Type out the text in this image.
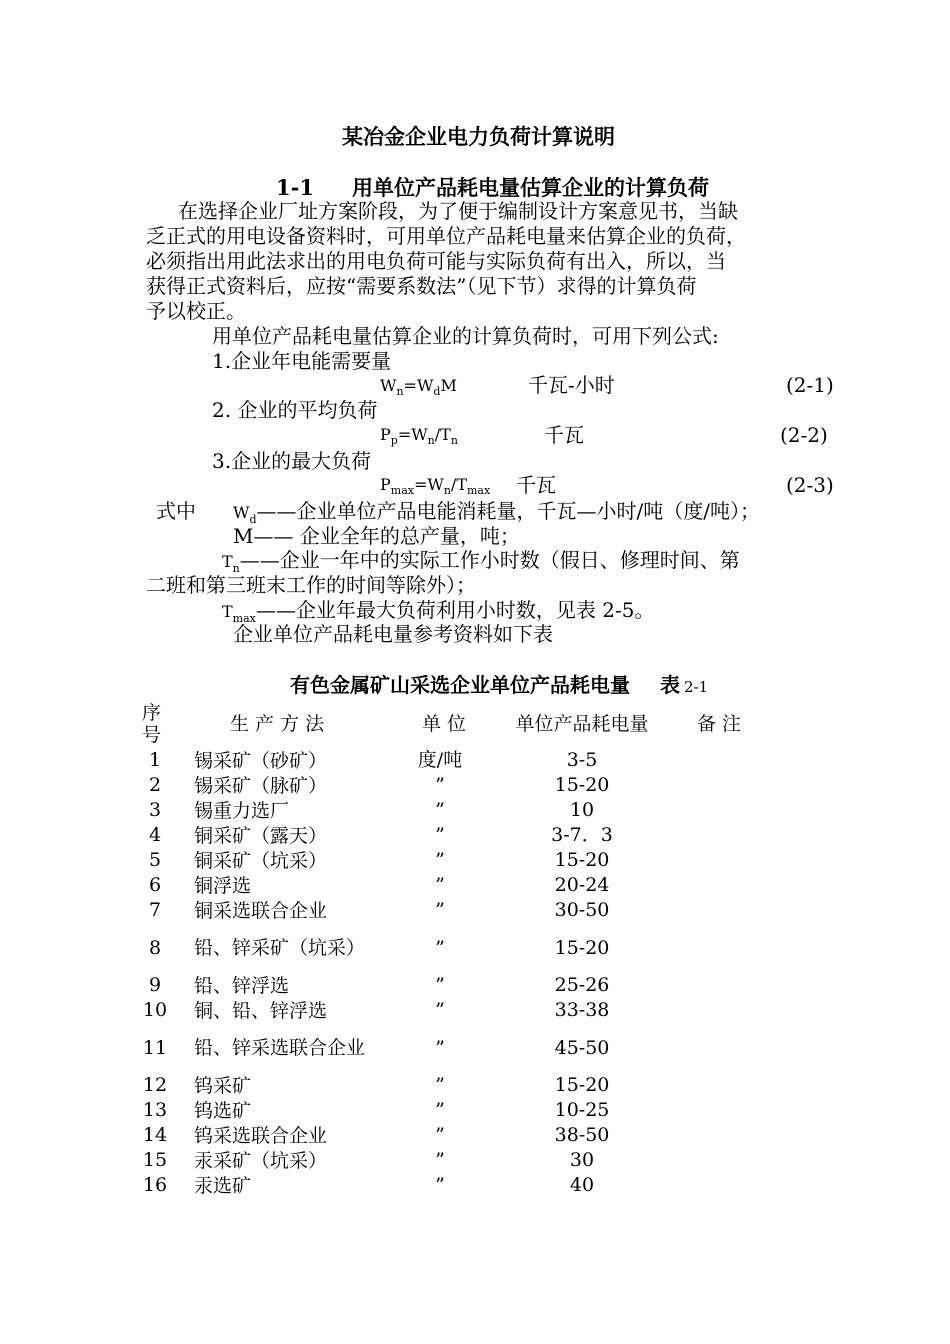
某冶金企业电力负荷计算说明
1-1 用单位产品耗电量估算企业的计算负荷
在选择企业厂址方案阶段，为了便于编制设计方案意见书，当缺
乏正式的用电设备资料时，可用单位产品耗电量来估算企业的负荷，
必须指出用此法求出的用电负荷可能与实际负荷有出入，所以，当
获得正式资料后，应按“需要系数法”（见下节）求得的计算负荷
予以校正。
用单位产品耗电量估算企业的计算负荷时，可用下列公式:
1.企业年电能需要量
$W_n=W_dM$	千瓦-小时	(2-1)
2. 企业的平均负荷
$P_p=W_n/T_n$	千瓦	(2-2)
3.企业的最大负荷
$P_{max}=W_n/T_{max}$ 千瓦	(2-3)
式中 $W_d——$企业单位产品电能消耗量，千瓦—小时/吨（度/吨）；
M—— 企业全年的总产量，吨；
$T_n——$企业一年中的实际工作小时数（假日、修理时间、第
二班和第三班末工作的时间等除外）；
$T_{max}——$企业年最大负荷利用小时数，见表 2-5。
企业单位产品耗电量参考资料如下表
有色金属矿山采选企业单位产品耗电量 表 2-1
序号	生 产 方 法	单 位	单位产品耗电量	备 注
1	锡采矿（砂矿）	度/吨	3-5	
2	锡采矿（脉矿）	”	15-20	
3	锡重力选厂	”	10	
4	铜采矿（露天）	”	3-7．3	
5	铜采矿（坑采）	”	15-20	
6	铜浮选	”	20-24	
7	铜采选联合企业	”	30-50	
8	铅、锌采矿（坑采）	”	15-20	
9	铅、锌浮选	”	25-26	
10	铜、铅、锌浮选	”	33-38	
11	铅、锌采选联合企业	”	45-50	
12	钨采矿	”	15-20	
13	钨选矿	”	10-25	
14	钨采选联合企业	”	38-50	
15	汞采矿（坑采）	”	30	
16	汞选矿	”	40	
